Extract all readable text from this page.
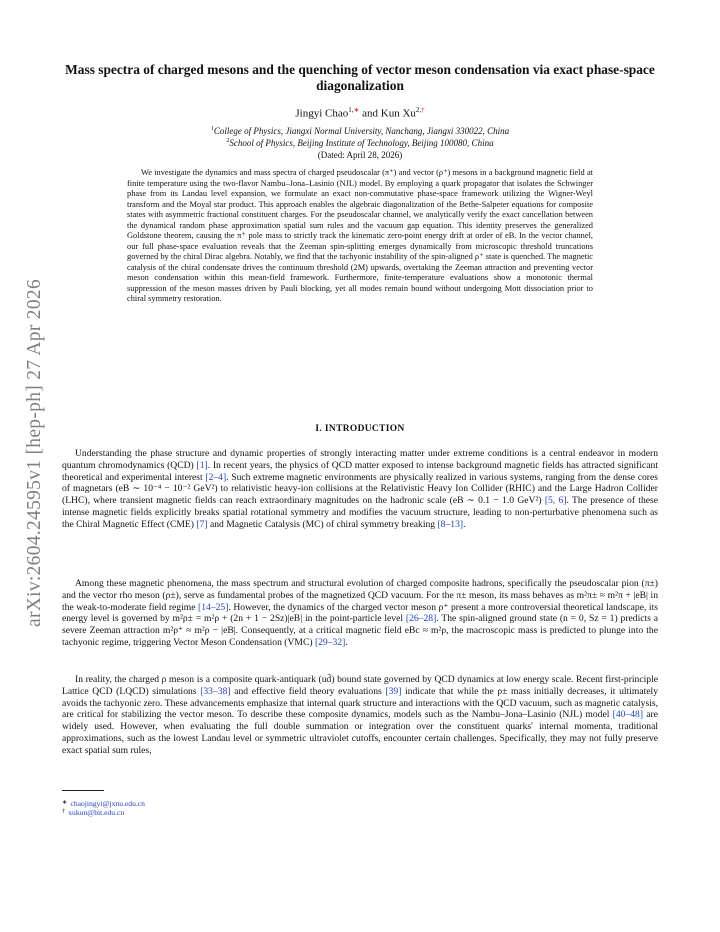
arXiv:2604.24595v1 [hep-ph] 27 Apr 2026
Mass spectra of charged mesons and the quenching of vector meson condensation via exact phase-space diagonalization
Jingyi Chao$^{1,∗}$ and Kun $Xu^{2,\dagger}$
$^1$College of Physics, Jiangxi Normal University, Nanchang, Jiangxi 330022, China
$^2$School of Physics, Beijing Institute of Technology, Beijing 100080, China
(Dated: April 28, 2026)

We investigate the dynamics and mass spectra of charged pseudoscalar (π⁺) and vector (ρ⁺) mesons in a background magnetic field at finite temperature using the two-flavor Nambu–Jona–Lasinio (NJL) model. By employing a quark propagator that isolates the Schwinger phase from its Landau level expansion, we formulate an exact non-commutative phase-space framework utilizing the Wigner-Weyl transform and the Moyal star product. This approach enables the algebraic diagonalization of the Bethe-Salpeter equations for composite states with asymmetric fractional constituent charges. For the pseudoscalar channel, we analytically verify the exact cancellation between the dynamical random phase approximation spatial sum rules and the vacuum gap equation. This identity preserves the generalized Goldstone theorem, causing the π⁺ pole mass to strictly track the kinematic zero-point energy drift at order of eB. In the vector channel, our full phase-space evaluation reveals that the Zeeman spin-splitting emerges dynamically from microscopic threshold truncations governed by the chiral Dirac algebra. Notably, we find that the tachyonic instability of the spin-aligned ρ⁺ state is quenched. The magnetic catalysis of the chiral condensate drives the continuum threshold (2M) upwards, overtaking the Zeeman attraction and preventing vector meson condensation within this mean-field framework. Furthermore, finite-temperature evaluations show a monotonic thermal suppression of the meson masses driven by Pauli blocking, yet all modes remain bound without undergoing Mott dissociation prior to chiral symmetry restoration.

I. INTRODUCTION

Understanding the phase structure and dynamic properties of strongly interacting matter under extreme conditions is a central endeavor in modern quantum chromodynamics (QCD) [1]. In recent years, the physics of QCD matter exposed to intense background magnetic fields has attracted significant theoretical and experimental interest [2–4]. Such extreme magnetic environments are physically realized in various systems, ranging from the dense cores of magnetars (eB ∼ 10⁻⁴ − 10⁻² GeV²) to relativistic heavy-ion collisions at the Relativistic Heavy Ion Collider (RHIC) and the Large Hadron Collider (LHC), where transient magnetic fields can reach extraordinary magnitudes on the hadronic scale (eB ∼ 0.1 − 1.0 GeV²) [5, 6]. The presence of these intense magnetic fields explicitly breaks spatial rotational symmetry and modifies the vacuum structure, leading to non-perturbative phenomena such as the Chiral Magnetic Effect (CME) [7] and Magnetic Catalysis (MC) of chiral symmetry breaking [8–13].

Among these magnetic phenomena, the mass spectrum and structural evolution of charged composite hadrons, specifically the pseudoscalar pion (π±) and the vector rho meson (ρ±), serve as fundamental probes of the magnetized QCD vacuum. For the π± meson, its mass behaves as m²π± ≈ m²π + |eB| in the weak-to-moderate field regime [14–25]. However, the dynamics of the charged vector meson ρ⁺ present a more controversial theoretical landscape, its energy level is governed by m²ρ± = m²ρ + (2n + 1 − 2Sz)|eB| in the point-particle level [26–28]. The spin-aligned ground state (n = 0, Sz = 1) predicts a severe Zeeman attraction m²ρ⁺ ≈ m²ρ − |eB|. Consequently, at a critical magnetic field eBc ≈ m²ρ, the macroscopic mass is predicted to plunge into the tachyonic regime, triggering Vector Meson Condensation (VMC) [29–32].

In reality, the charged ρ meson is a composite quark-antiquark (ud̄) bound state governed by QCD dynamics at low energy scale. Recent first-principle Lattice QCD (LQCD) simulations [33–38] and effective field theory evaluations [39] indicate that while the ρ± mass initially decreases, it ultimately avoids the tachyonic zero. These advancements emphasize that internal quark structure and interactions with the QCD vacuum, such as magnetic catalysis, are critical for stabilizing the vector meson. To describe these composite dynamics, models such as the Nambu–Jona–Lasinio (NJL) model [40–48] are widely used. However, when evaluating the full double summation or integration over the constituent quarks' internal momenta, traditional approximations, such as the lowest Landau level or symmetric ultraviolet cutoffs, encounter certain challenges. Specifically, they may not fully preserve exact spatial sum rules,

∗ chaojingyi@jxnu.edu.cn
† xukun@bit.edu.cn
